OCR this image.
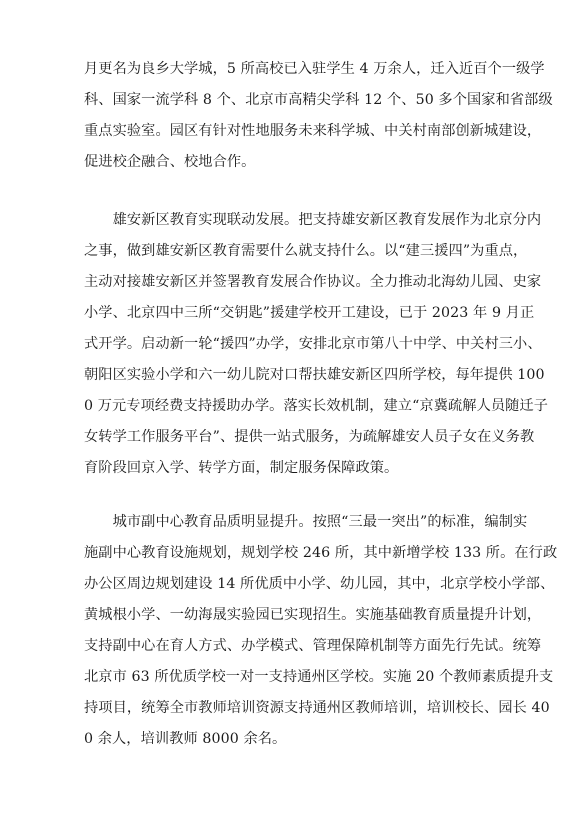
月更名为良乡大学城，5 所高校已入驻学生 4 万余人，迁入近百个一级学
科、国家一流学科 8 个、北京市高精尖学科 12 个、50 多个国家和省部级
重点实验室。园区有针对性地服务未来科学城、中关村南部创新城建设，
促进校企融合、校地合作。
　　雄安新区教育实现联动发展。把支持雄安新区教育发展作为北京分内
之事，做到雄安新区教育需要什么就支持什么。以“建三援四”为重点，
主动对接雄安新区并签署教育发展合作协议。全力推动北海幼儿园、史家
小学、北京四中三所“交钥匙”援建学校开工建设，已于 2023 年 9 月正
式开学。启动新一轮“援四”办学，安排北京市第八十中学、中关村三小、
朝阳区实验小学和六一幼儿院对口帮扶雄安新区四所学校，每年提供 100
0 万元专项经费支持援助办学。落实长效机制，建立“京冀疏解人员随迁子
女转学工作服务平台”、提供一站式服务，为疏解雄安人员子女在义务教
育阶段回京入学、转学方面，制定服务保障政策。
　　城市副中心教育品质明显提升。按照“三最一突出”的标准，编制实
施副中心教育设施规划，规划学校 246 所，其中新增学校 133 所。在行政
办公区周边规划建设 14 所优质中小学、幼儿园，其中，北京学校小学部、
黄城根小学、一幼海晟实验园已实现招生。实施基础教育质量提升计划，
支持副中心在育人方式、办学模式、管理保障机制等方面先行先试。统筹
北京市 63 所优质学校一对一支持通州区学校。实施 20 个教师素质提升支
持项目，统筹全市教师培训资源支持通州区教师培训，培训校长、园长 40
0 余人，培训教师 8000 余名。
